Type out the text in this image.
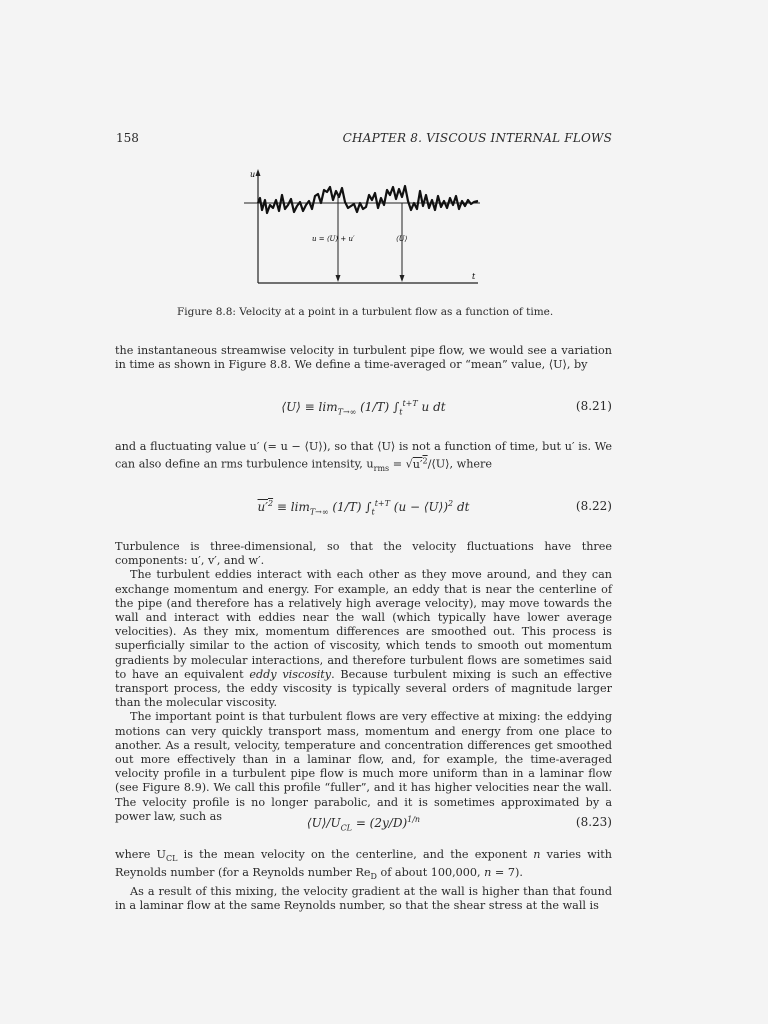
158	CHAPTER 8. VISCOUS INTERNAL FLOWS
u
t
u = ⟨U⟩ + u′	⟨U⟩
Figure 8.8: Velocity at a point in a turbulent flow as a function of time.

the instantaneous streamwise velocity in turbulent pipe flow, we would see a variation in time as shown in Figure 8.8. We define a time-averaged or “mean” value, ⟨U⟩, by

⟨U⟩ ≡ $\lim_{T\to\infty} (1/T)$ $\int_t^{t+T}$ u dt	(8.21)

and a fluctuating value u′ (= u − ⟨U⟩), so that ⟨U⟩ is not a function of time, but u′ is. We can also define an rms turbulence intensity, $u_{rms}$ = $√u'^2/⟨U⟩$, where

$u'^2 \equiv \lim_{T\to\infty} (1/T)$ $\int_t^{t+T}$ (u − ⟨U⟩)$^2$ dt	(8.22)

Turbulence is three-dimensional, so that the velocity fluctuations have three components: u′, v′, and w′.

The turbulent eddies interact with each other as they move around, and they can exchange momentum and energy. For example, an eddy that is near the centerline of the pipe (and therefore has a relatively high average velocity), may move towards the wall and interact with eddies near the wall (which typically have lower average velocities). As they mix, momentum differences are smoothed out. This process is superficially similar to the action of viscosity, which tends to smooth out momentum gradients by molecular interactions, and therefore turbulent flows are sometimes said to have an equivalent eddy viscosity. Because turbulent mixing is such an effective transport process, the eddy viscosity is typically several orders of magnitude larger than the molecular viscosity.

The important point is that turbulent flows are very effective at mixing: the eddying motions can very quickly transport mass, momentum and energy from one place to another. As a result, velocity, temperature and concentration differences get smoothed out more effectively than in a laminar flow, and, for example, the time-averaged velocity profile in a turbulent pipe flow is much more uniform than in a laminar flow (see Figure 8.9). We call this profile “fuller”, and it has higher velocities near the wall. The velocity profile is no longer parabolic, and it is sometimes approximated by a power law, such as	$⟨U⟩/U_{CL} = (2y/D)^{1/n}$	(8.23)

where $U_{CL}$ is the mean velocity on the centerline, and the exponent n varies with Reynolds number (for a Reynolds number $Re_D$ of about 100,000, n = 7).

As a result of this mixing, the velocity gradient at the wall is higher than that found in a laminar flow at the same Reynolds number, so that the shear stress at the wall is
